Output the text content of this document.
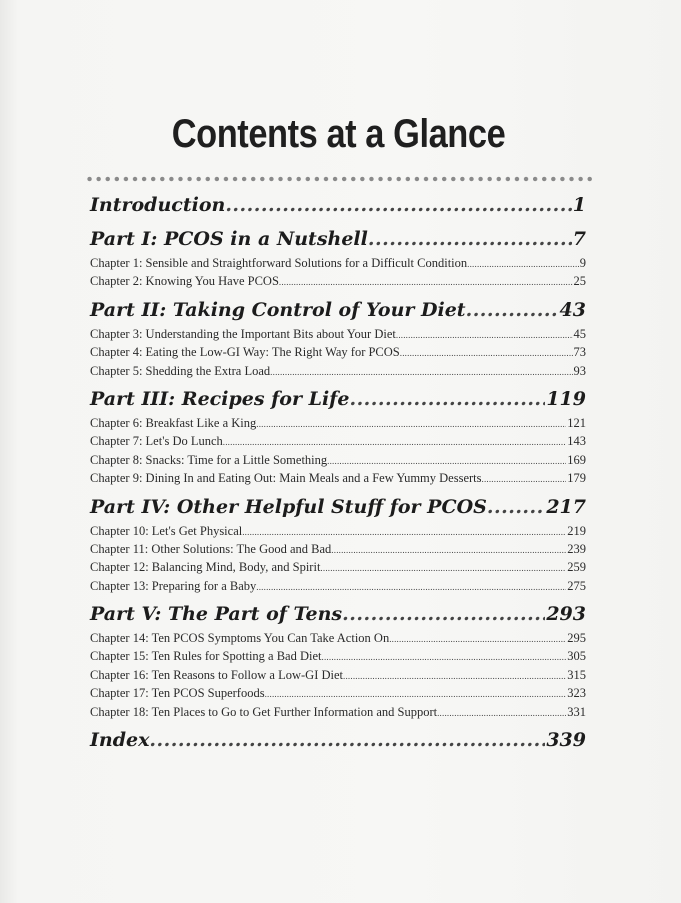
Contents at a Glance
Introduction .....	1
Part I: PCOS in a Nutshell .....	7
Chapter 1: Sensible and Straightforward Solutions for a Difficult Condition .....	9
Chapter 2: Knowing You Have PCOS .....	25
Part II: Taking Control of Your Diet .....	43
Chapter 3: Understanding the Important Bits about Your Diet .....	45
Chapter 4: Eating the Low-GI Way: The Right Way for PCOS .....	73
Chapter 5: Shedding the Extra Load .....	93
Part III: Recipes for Life .....	119
Chapter 6: Breakfast Like a King .....	121
Chapter 7: Let's Do Lunch .....	143
Chapter 8: Snacks: Time for a Little Something .....	169
Chapter 9: Dining In and Eating Out: Main Meals and a Few Yummy Desserts .....	179
Part IV: Other Helpful Stuff for PCOS .....	217
Chapter 10: Let's Get Physical .....	219
Chapter 11: Other Solutions: The Good and Bad .....	239
Chapter 12: Balancing Mind, Body, and Spirit .....	259
Chapter 13: Preparing for a Baby .....	275
Part V: The Part of Tens .....	293
Chapter 14: Ten PCOS Symptoms You Can Take Action On .....	295
Chapter 15: Ten Rules for Spotting a Bad Diet .....	305
Chapter 16: Ten Reasons to Follow a Low-GI Diet .....	315
Chapter 17: Ten PCOS Superfoods .....	323
Chapter 18: Ten Places to Go to Get Further Information and Support .....	331
Index .....	339
